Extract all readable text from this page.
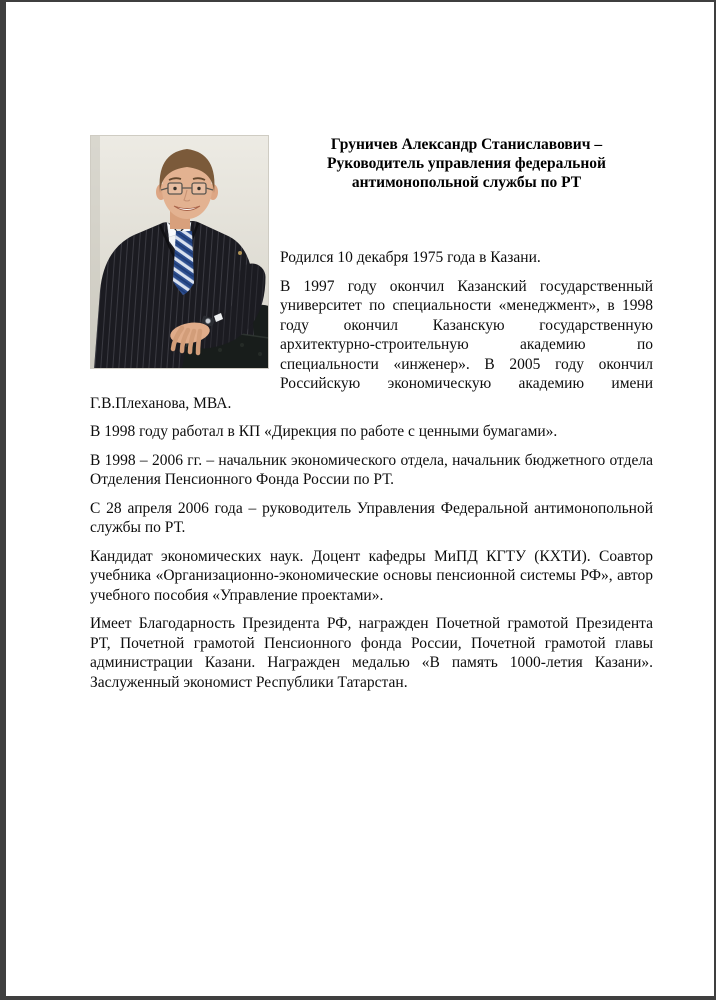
Груничев Александр Станиславович –
Руководитель управления федеральной
антимонопольной службы по РТ

Родился 10 декабря 1975 года в Казани.

В 1997 году окончил Казанский государственный университет по специальности «менеджмент», в 1998 году окончил Казанскую государственную архитектурно-строительную академию по специальности «инженер». В 2005 году окончил Российскую экономическую академию имени Г.В.Плеханова, МВА.

В 1998 году работал в КП «Дирекция по работе с ценными бумагами».

В 1998 – 2006 гг. – начальник экономического отдела, начальник бюджетного отдела Отделения Пенсионного Фонда России по РТ.

С 28 апреля 2006 года – руководитель Управления Федеральной антимонопольной службы по РТ.

Кандидат экономических наук. Доцент кафедры МиПД КГТУ (КХТИ). Соавтор учебника «Организационно-экономические основы пенсионной системы РФ», автор учебного пособия «Управление проектами».

Имеет Благодарность Президента РФ, награжден Почетной грамотой Президента РТ, Почетной грамотой Пенсионного фонда России, Почетной грамотой главы администрации Казани. Награжден медалью «В память 1000-летия Казани». Заслуженный экономист Республики Татарстан.
